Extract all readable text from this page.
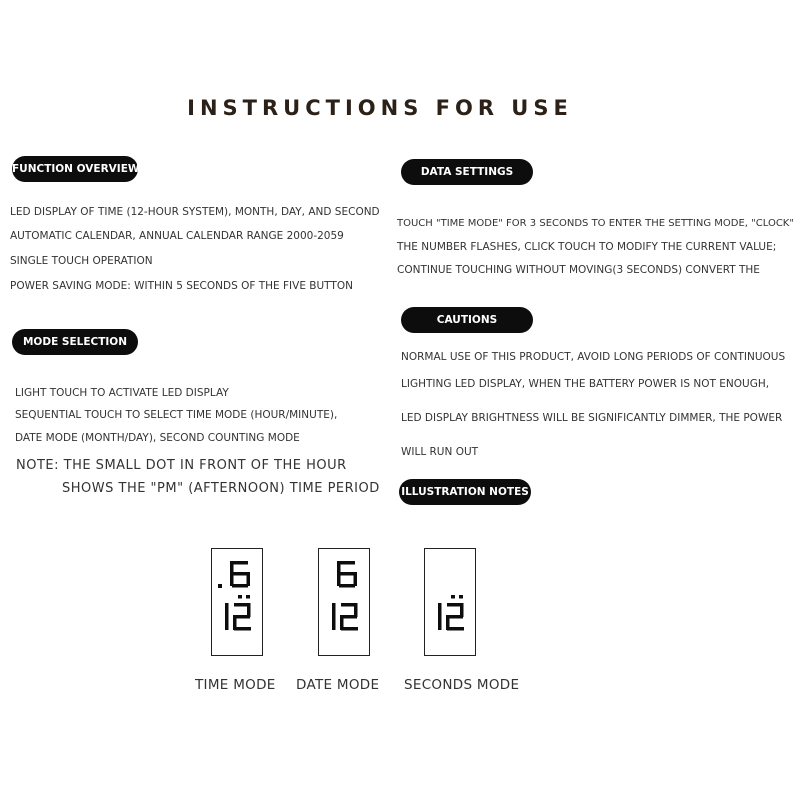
INSTRUCTIONS FOR USE
FUNCTION OVERVIEW
LED DISPLAY OF TIME (12-HOUR SYSTEM), MONTH, DAY, AND SECOND
AUTOMATIC CALENDAR, ANNUAL CALENDAR RANGE 2000-2059
SINGLE TOUCH OPERATION
POWER SAVING MODE: WITHIN 5 SECONDS OF THE FIVE BUTTON
MODE SELECTION
LIGHT TOUCH TO ACTIVATE LED DISPLAY
SEQUENTIAL TOUCH TO SELECT TIME MODE (HOUR/MINUTE),
DATE MODE (MONTH/DAY), SECOND COUNTING MODE
NOTE: THE SMALL DOT IN FRONT OF THE HOUR
SHOWS THE "PM" (AFTERNOON) TIME PERIOD
DATA SETTINGS
TOUCH "TIME MODE" FOR 3 SECONDS TO ENTER THE SETTING MODE, "CLOCK"
THE NUMBER FLASHES, CLICK TOUCH TO MODIFY THE CURRENT VALUE;
CONTINUE TOUCHING WITHOUT MOVING(3 SECONDS) CONVERT THE
CAUTIONS
NORMAL USE OF THIS PRODUCT, AVOID LONG PERIODS OF CONTINUOUS
LIGHTING LED DISPLAY, WHEN THE BATTERY POWER IS NOT ENOUGH,
LED DISPLAY BRIGHTNESS WILL BE SIGNIFICANTLY DIMMER, THE POWER
WILL RUN OUT
ILLUSTRATION NOTES
TIME MODE DATE MODE SECONDS MODE
